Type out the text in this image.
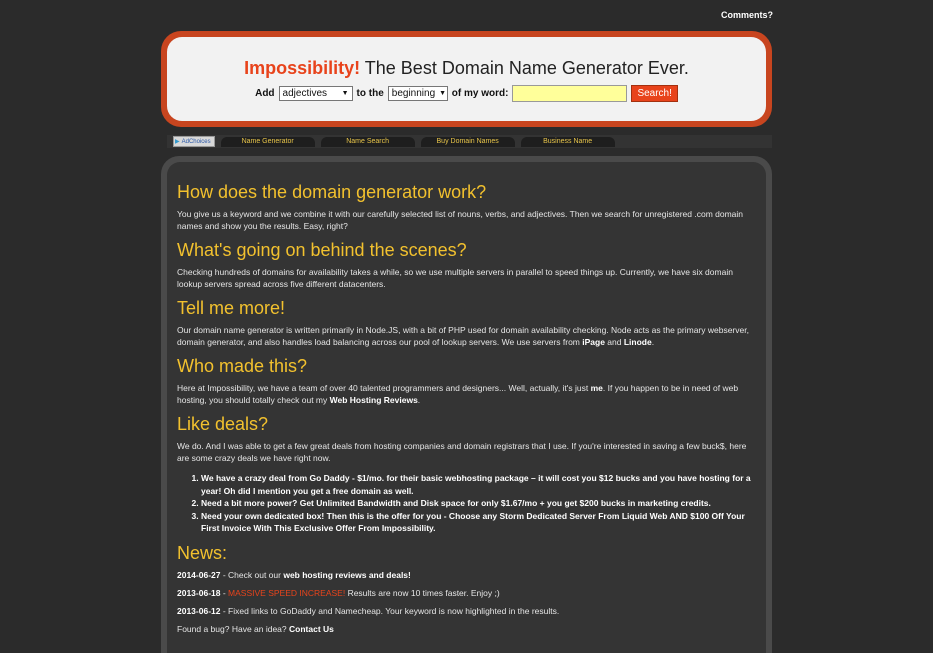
Comments?

Impossibility! The Best Domain Name Generator Ever.

Add adjectives ▼ to the beginning ▼ of my word:	Search!
▶ AdChoices	Name Generator	Name Search	Buy Domain Names	Business Name
How does the domain generator work?

You give us a keyword and we combine it with our carefully selected list of nouns, verbs, and adjectives. Then we search for unregistered .com domain names and show you the results. Easy, right?

What's going on behind the scenes?

Checking hundreds of domains for availability takes a while, so we use multiple servers in parallel to speed things up. Currently, we have six domain lookup servers spread across five different datacenters.

Tell me more!

Our domain name generator is written primarily in Node.JS, with a bit of PHP used for domain availability checking. Node acts as the primary webserver, domain generator, and also handles load balancing across our pool of lookup servers. We use servers from iPage and Linode.

Who made this?

Here at Impossibility, we have a team of over 40 talented programmers and designers... Well, actually, it's just me. If you happen to be in need of web hosting, you should totally check out my Web Hosting Reviews.

Like deals?

We do. And I was able to get a few great deals from hosting companies and domain registrars that I use. If you're interested in saving a few buck$, here are some crazy deals we have right now.

1. We have a crazy deal from Go Daddy - $1/mo. for their basic webhosting package – it will cost you $12 bucks and you have hosting for a year! Oh did I mention you get a free domain as well.
2. Need a bit more power? Get Unlimited Bandwidth and Disk space for only $1.67/mo + you get $200 bucks in marketing credits.
3. Need your own dedicated box! Then this is the offer for you - Choose any Storm Dedicated Server From Liquid Web AND $100 Off Your First Invoice With This Exclusive Offer From Impossibility.
News:

2014-06-27 - Check out our web hosting reviews and deals!

2013-06-18 - MASSIVE SPEED INCREASE! Results are now 10 times faster. Enjoy ;)

2013-06-12 - Fixed links to GoDaddy and Namecheap. Your keyword is now highlighted in the results.

Found a bug? Have an idea? Contact Us
